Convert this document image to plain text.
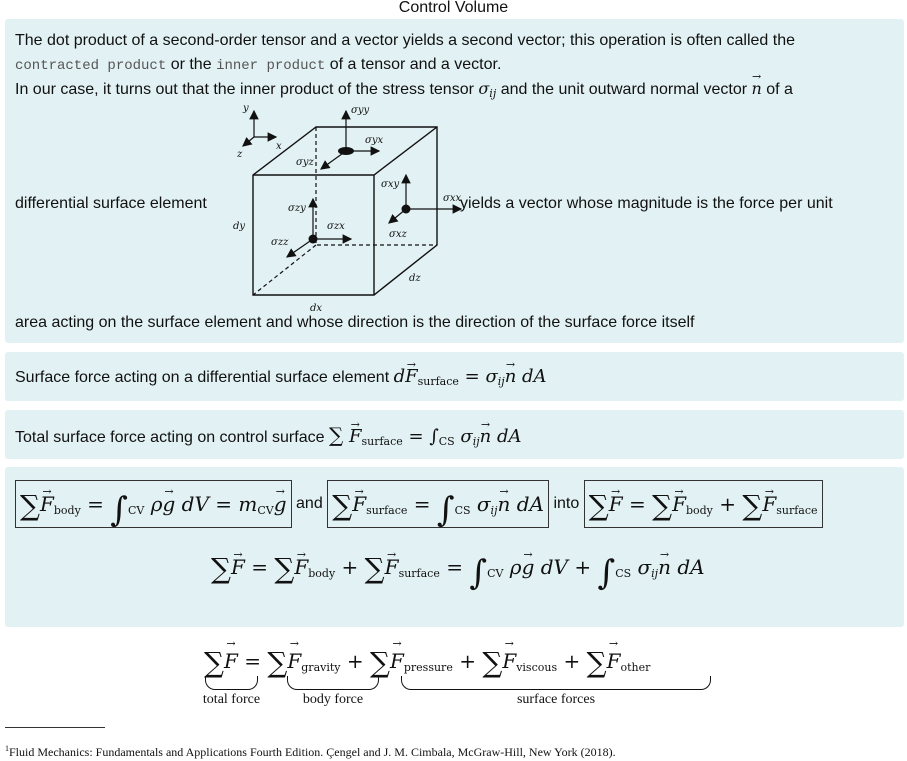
Control Volume
The dot product of a second-order tensor and a vector yields a second vector; this operation is often called the
contracted product or the inner product of a tensor and a vector.
In our case, it turns out that the inner product of the stress tensor $\sigma_{ij}$ and the unit outward normal vector → n of a
differential surface element	yields a vector whose magnitude is the force per unit
area acting on the surface element and whose direction is the direction of the surface force itself
y
x
z
σyy
σyx
σyz
σxy
σxx
σxz
σzy
σzx
σzz
dy
dx
dz
Surface force acting on a differential surface element $d\to F_{surface} = \sigma_{ij}\to n$ dA
Total surface force acting on control surface ∑ → $F_{surface} = \int_{CS}$ $\sigma_{ij}\to n$ dA
∑→ $F_{body} = \int_{CV}$ ρ→ g dV = $m_{CV}\to g$ and ∑→ $F_{surface} = \int_{CS}$ $\sigma_{ij}\to n$ dA into ∑→ F = ∑→ $F_{body}$ + ∑→ $F_{surface}$
∑→ F = ∑→ $F_{body}$ + ∑→ $F_{surface} = \int_{CV}$ ρ→ g dV + $\int_{CS}$ $\sigma_{ij}\to n$ dA
∑→ F = ∑→ $F_{gravity}$ + ∑→ $F_{pressure}$ + ∑→ $F_{viscous}$ + ∑→ $F_{other}$
total force	body force	surface forces
$^1$Fluid Mechanics: Fundamentals and Applications Fourth Edition. Çengel and J. M. Cimbala, McGraw-Hill, New York (2018).
